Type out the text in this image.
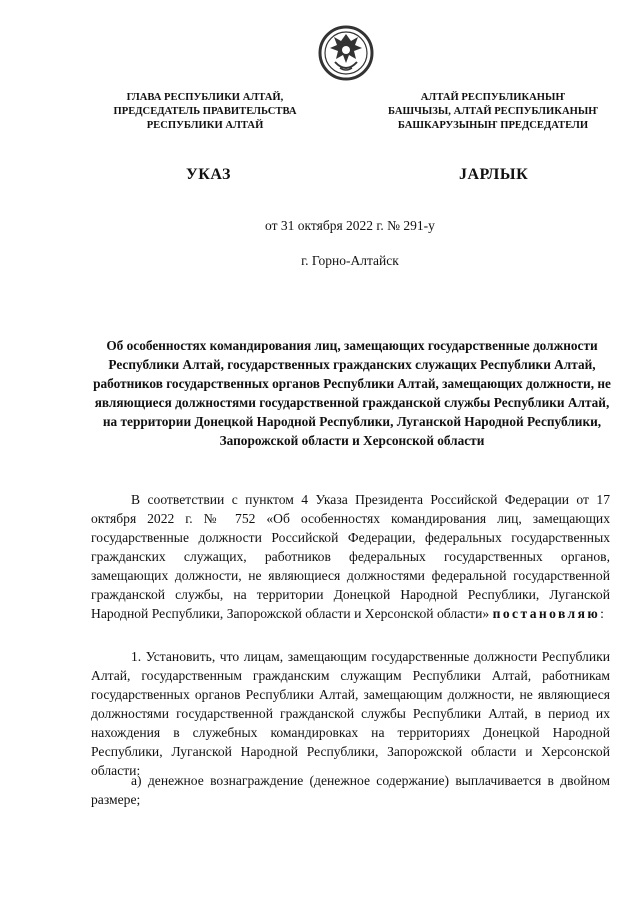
ГЛАВА РЕСПУБЛИКИ АЛТАЙ,
ПРЕДСЕДАТЕЛЬ ПРАВИТЕЛЬСТВА
РЕСПУБЛИКИ АЛТАЙ
АЛТАЙ РЕСПУБЛИКАНЫҤ
БАШЧЫЗЫ, АЛТАЙ РЕСПУБЛИКАНЫҤ
БАШКАРУЗЫНЫҤ ПРЕДСЕДАТЕЛИ
УКАЗ	ЈАРЛЫК
от 31 октября 2022 г. № 291-у
г. Горно-Алтайск
Об особенностях командирования лиц, замещающих государственные должности Республики Алтай, государственных гражданских служащих Республики Алтай, работников государственных органов Республики Алтай, замещающих должности, не являющиеся должностями государственной гражданской службы Республики Алтай, на территории Донецкой Народной Республики, Луганской Народной Республики, Запорожской области и Херсонской области

В соответствии с пунктом 4 Указа Президента Российской Федерации от 17 октября 2022 г. № 752 «Об особенностях командирования лиц, замещающих государственные должности Российской Федерации, федеральных государственных гражданских служащих, работников федеральных государственных органов, замещающих должности, не являющиеся должностями федеральной государственной гражданской службы, на территории Донецкой Народной Республики, Луганской Народной Республики, Запорожской области и Херсонской области» постановляю:

1. Установить, что лицам, замещающим государственные должности Республики Алтай, государственным гражданским служащим Республики Алтай, работникам государственных органов Республики Алтай, замещающим должности, не являющиеся должностями государственной гражданской службы Республики Алтай, в период их нахождения в служебных командировках на территориях Донецкой Народной Республики, Луганской Народной Республики, Запорожской области и Херсонской области:

а) денежное вознаграждение (денежное содержание) выплачивается в двойном размере;
